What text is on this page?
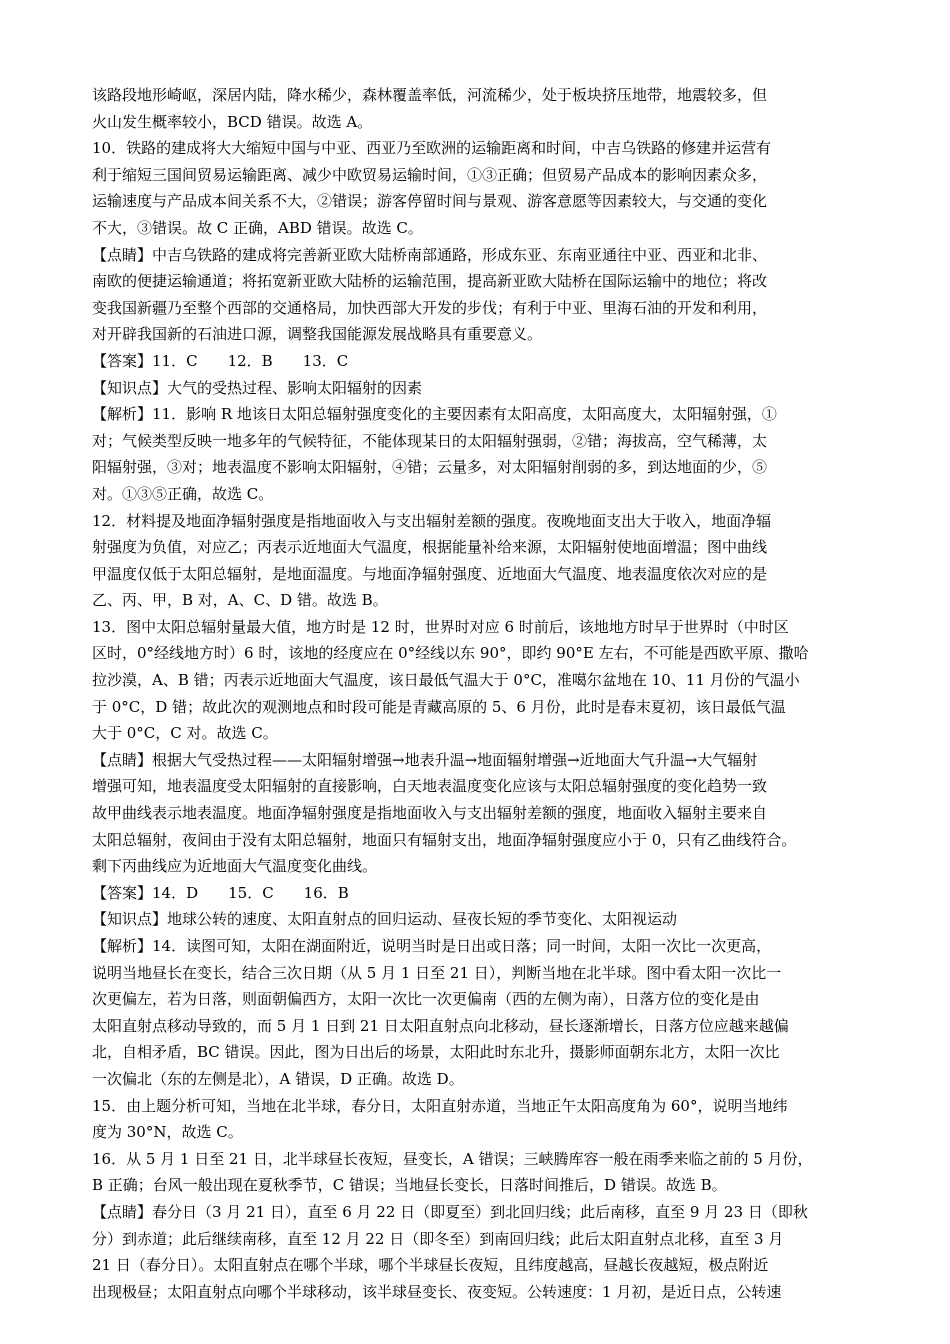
该路段地形崎岖，深居内陆，降水稀少，森林覆盖率低，河流稀少，处于板块挤压地带，地震较多，但
火山发生概率较小，BCD 错误。故选 A。
10．铁路的建成将大大缩短中国与中亚、西亚乃至欧洲的运输距离和时间，中吉乌铁路的修建并运营有
利于缩短三国间贸易运输距离、减少中欧贸易运输时间，①③正确；但贸易产品成本的影响因素众多，
运输速度与产品成本间关系不大，②错误；游客停留时间与景观、游客意愿等因素较大，与交通的变化
不大，③错误。故 C 正确，ABD 错误。故选 C。
【点睛】中吉乌铁路的建成将完善新亚欧大陆桥南部通路，形成东亚、东南亚通往中亚、西亚和北非、
南欧的便捷运输通道；将拓宽新亚欧大陆桥的运输范围，提高新亚欧大陆桥在国际运输中的地位；将改
变我国新疆乃至整个西部的交通格局，加快西部大开发的步伐；有利于中亚、里海石油的开发和利用，
对开辟我国新的石油进口源，调整我国能源发展战略具有重要意义。
【答案】11．C　　12．B　　13．C
【知识点】大气的受热过程、影响太阳辐射的因素
【解析】11．影响 R 地该日太阳总辐射强度变化的主要因素有太阳高度，太阳高度大，太阳辐射强，①
对；气候类型反映一地多年的气候特征，不能体现某日的太阳辐射强弱，②错；海拔高，空气稀薄，太
阳辐射强，③对；地表温度不影响太阳辐射，④错；云量多，对太阳辐射削弱的多，到达地面的少，⑤
对。①③⑤正确，故选 C。
12．材料提及地面净辐射强度是指地面收入与支出辐射差额的强度。夜晚地面支出大于收入，地面净辐
射强度为负值，对应乙；丙表示近地面大气温度，根据能量补给来源，太阳辐射使地面增温；图中曲线
甲温度仅低于太阳总辐射，是地面温度。与地面净辐射强度、近地面大气温度、地表温度依次对应的是
乙、丙、甲，B 对，A、C、D 错。故选 B。
13．图中太阳总辐射量最大值，地方时是 12 时，世界时对应 6 时前后，该地地方时早于世界时（中时区
区时，0°经线地方时）6 时，该地的经度应在 0°经线以东 90°，即约 90°E 左右，不可能是西欧平原、撒哈
拉沙漠，A、B 错；丙表示近地面大气温度，该日最低气温大于 0°C，准噶尔盆地在 10、11 月份的气温小
于 0°C，D 错；故此次的观测地点和时段可能是青藏高原的 5、6 月份，此时是春末夏初，该日最低气温
大于 0°C，C 对。故选 C。
【点睛】根据大气受热过程——太阳辐射增强→地表升温→地面辐射增强→近地面大气升温→大气辐射
增强可知，地表温度受太阳辐射的直接影响，白天地表温度变化应该与太阳总辐射强度的变化趋势一致
故甲曲线表示地表温度。地面净辐射强度是指地面收入与支出辐射差额的强度，地面收入辐射主要来自
太阳总辐射，夜间由于没有太阳总辐射，地面只有辐射支出，地面净辐射强度应小于 0，只有乙曲线符合。
剩下丙曲线应为近地面大气温度变化曲线。
【答案】14．D　　15．C　　16．B
【知识点】地球公转的速度、太阳直射点的回归运动、昼夜长短的季节变化、太阳视运动
【解析】14．读图可知，太阳在湖面附近，说明当时是日出或日落；同一时间，太阳一次比一次更高，
说明当地昼长在变长，结合三次日期（从 5 月 1 日至 21 日），判断当地在北半球。图中看太阳一次比一
次更偏左，若为日落，则面朝偏西方，太阳一次比一次更偏南（西的左侧为南），日落方位的变化是由
太阳直射点移动导致的，而 5 月 1 日到 21 日太阳直射点向北移动，昼长逐渐增长，日落方位应越来越偏
北，自相矛盾，BC 错误。因此，图为日出后的场景，太阳此时东北升，摄影师面朝东北方，太阳一次比
一次偏北（东的左侧是北），A 错误，D 正确。故选 D。
15．由上题分析可知，当地在北半球，春分日，太阳直射赤道，当地正午太阳高度角为 60°，说明当地纬
度为 30°N，故选 C。
16．从 5 月 1 日至 21 日，北半球昼长夜短，昼变长，A 错误；三峡腾库容一般在雨季来临之前的 5 月份，
B 正确；台风一般出现在夏秋季节，C 错误；当地昼长变长，日落时间推后，D 错误。故选 B。
【点睛】春分日（3 月 21 日），直至 6 月 22 日（即夏至）到北回归线；此后南移，直至 9 月 23 日（即秋
分）到赤道；此后继续南移，直至 12 月 22 日（即冬至）到南回归线；此后太阳直射点北移，直至 3 月
21 日（春分日）。太阳直射点在哪个半球，哪个半球昼长夜短，且纬度越高，昼越长夜越短，极点附近
出现极昼；太阳直射点向哪个半球移动，该半球昼变长、夜变短。公转速度：1 月初，是近日点，公转速
